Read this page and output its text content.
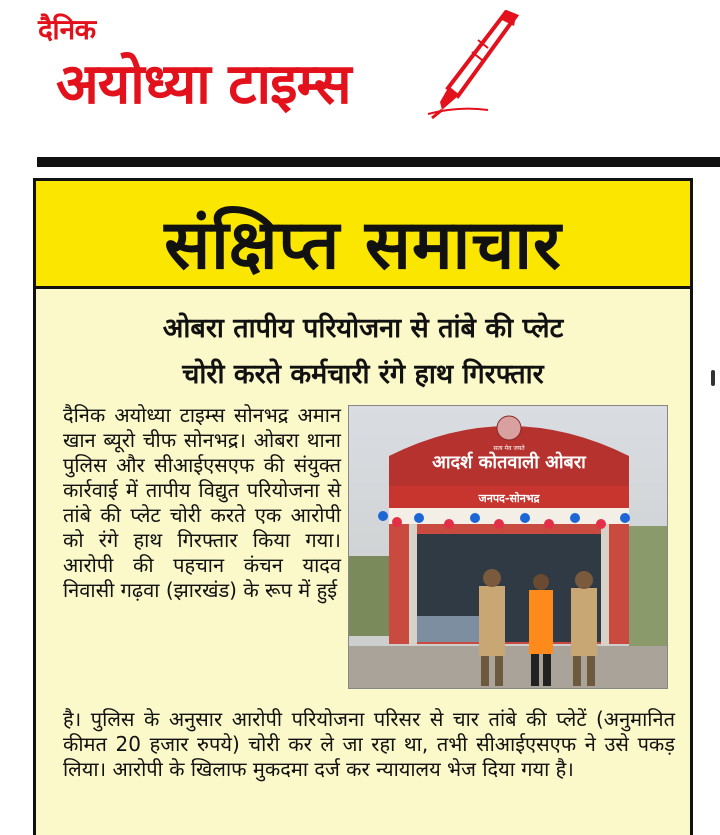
दैनिक
अयोध्या टाइम्स
संक्षिप्त समाचार
ओबरा तापीय परियोजना से तांबे की प्लेट
चोरी करते कर्मचारी रंगे हाथ गिरफ्तार

दैनिक अयोध्या टाइम्स सोनभद्र अमान खान ब्यूरो चीफ सोनभद्र। ओबरा थाना पुलिस और सीआईएसएफ की संयुक्त कार्रवाई में तापीय विद्युत परियोजना से तांबे की प्लेट चोरी करते एक आरोपी को रंगे हाथ गिरफ्तार किया गया। आरोपी की पहचान कंचन यादव निवासी गढ़वा (झारखंड) के रूप में हुई

सत्य मेव जयते
आदर्श कोतवाली ओबरा
जनपद-सोनभद्र

है। पुलिस के अनुसार आरोपी परियोजना परिसर से चार तांबे की प्लेटें (अनुमानित कीमत 20 हजार रुपये) चोरी कर ले जा रहा था, तभी सीआईएसएफ ने उसे पकड़ लिया। आरोपी के खिलाफ मुकदमा दर्ज कर न्यायालय भेज दिया गया है।
